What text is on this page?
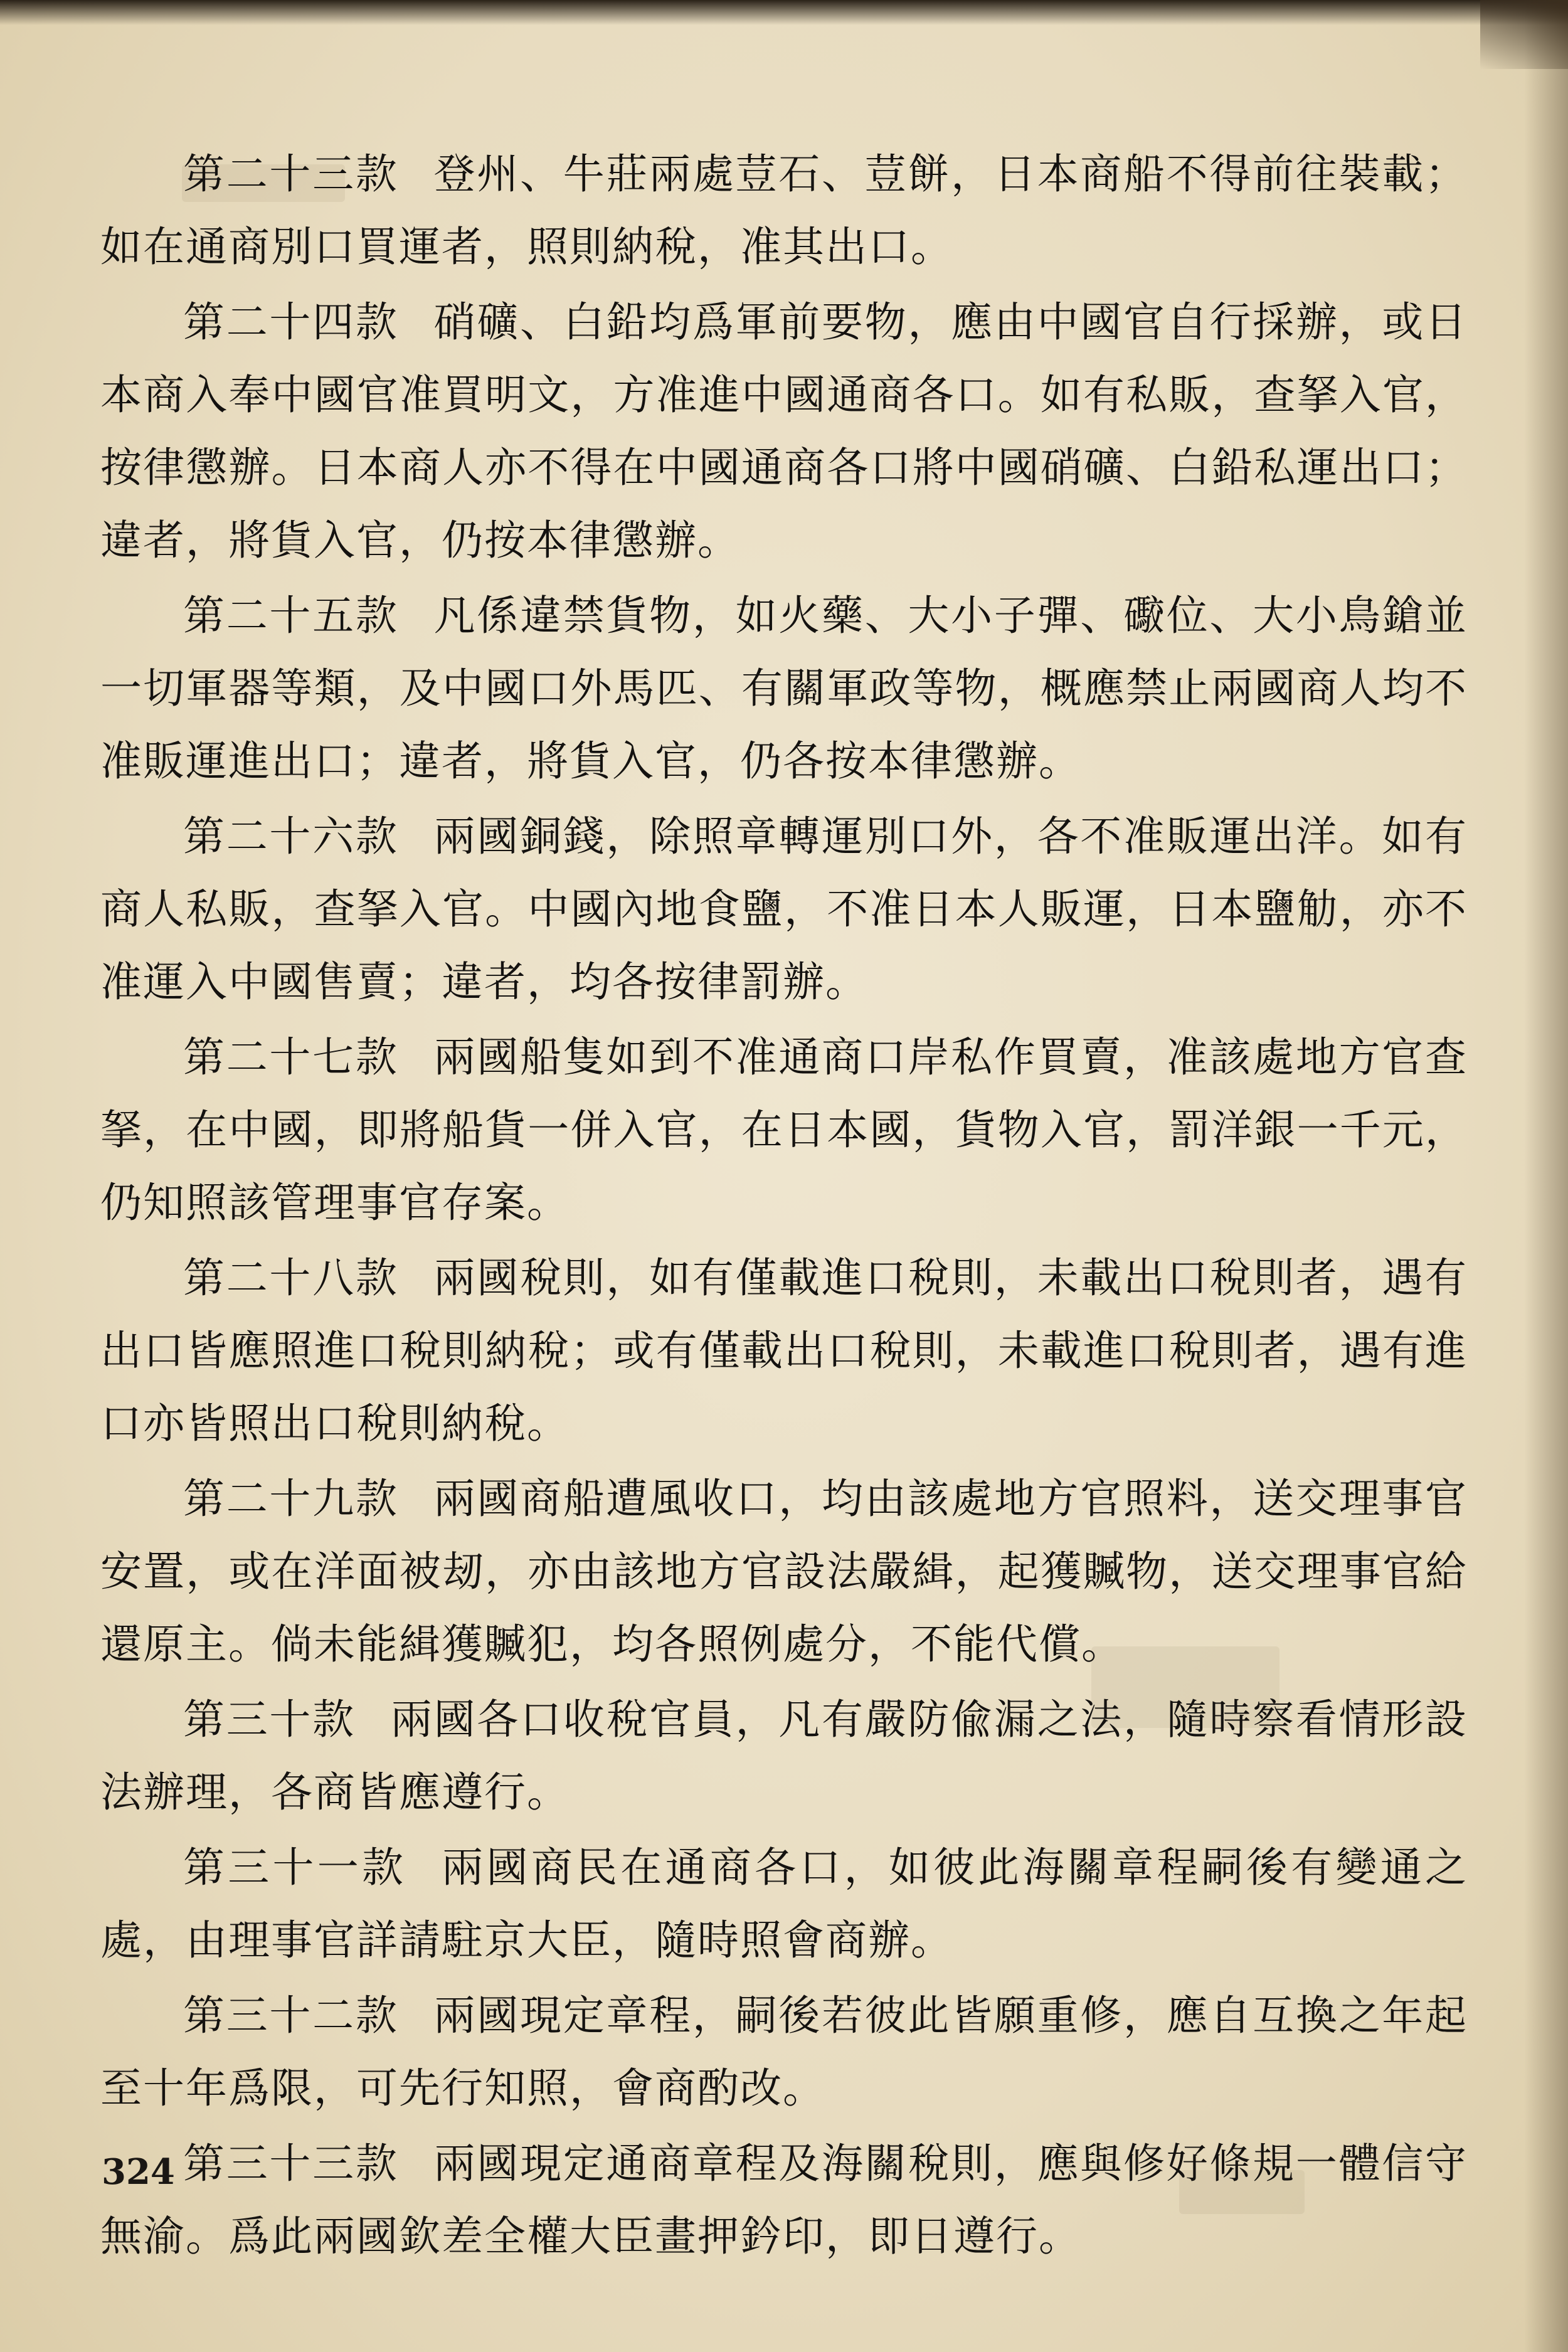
第二十三款 登州、牛莊兩處荳石、荳餅，日本商船不得前往裝載；如在通商別口買運者，照則納稅，准其出口。

第二十四款 硝礦、白鉛均爲軍前要物，應由中國官自行採辦，或日本商入奉中國官准買明文，方准進中國通商各口。如有私販，查拏入官，按律懲辦。日本商人亦不得在中國通商各口將中國硝礦、白鉛私運出口；違者，將貨入官，仍按本律懲辦。

第二十五款 凡係違禁貨物，如火藥、大小子彈、礮位、大小鳥鎗並一切軍器等類，及中國口外馬匹、有關軍政等物，概應禁止兩國商人均不准販運進出口；違者，將貨入官，仍各按本律懲辦。

第二十六款 兩國銅錢，除照章轉運別口外，各不准販運出洋。如有商人私販，查拏入官。中國內地食鹽，不准日本人販運，日本鹽觔，亦不准運入中國售賣；違者，均各按律罰辦。

第二十七款 兩國船隻如到不准通商口岸私作買賣，准該處地方官查拏，在中國，即將船貨一併入官，在日本國，貨物入官，罰洋銀一千元，仍知照該管理事官存案。

第二十八款 兩國稅則，如有僅載進口稅則，未載出口稅則者，遇有出口皆應照進口稅則納稅；或有僅載出口稅則，未載進口稅則者，遇有進口亦皆照出口稅則納稅。

第二十九款 兩國商船遭風收口，均由該處地方官照料，送交理事官安置，或在洋面被刼，亦由該地方官設法嚴緝，起獲贓物，送交理事官給還原主。倘未能緝獲贓犯，均各照例處分，不能代償。

第三十款 兩國各口收稅官員，凡有嚴防偸漏之法，隨時察看情形設法辦理，各商皆應遵行。

第三十一款 兩國商民在通商各口，如彼此海關章程嗣後有變通之處，由理事官詳請駐京大臣，隨時照會商辦。

第三十二款 兩國現定章程，嗣後若彼此皆願重修，應自互換之年起至十年爲限，可先行知照，會商酌改。

第三十三款 兩國現定通商章程及海關稅則，應與修好條規一體信守無渝。爲此兩國欽差全權大臣畫押鈐印，即日遵行。

324
